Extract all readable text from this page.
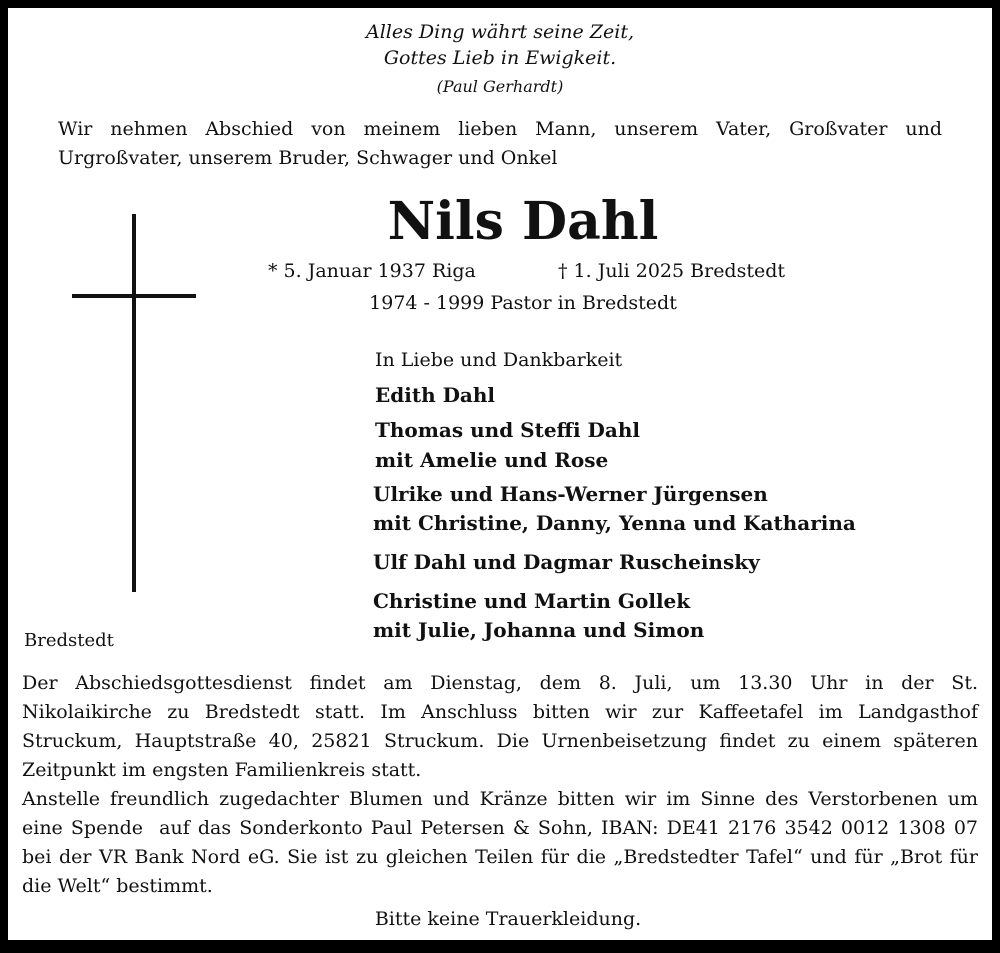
Alles Ding währt seine Zeit,
Gottes Lieb in Ewigkeit.
(Paul Gerhardt)
Wir nehmen Abschied von meinem lieben Mann, unserem Vater, Großvater und
Urgroßvater, unserem Bruder, Schwager und Onkel
Nils Dahl
* 5. Januar 1937 Riga	† 1. Juli 2025 Bredstedt
1974 - 1999 Pastor in Bredstedt
In Liebe und Dankbarkeit
Edith Dahl
Thomas und Steffi Dahl
mit Amelie und Rose
Ulrike und Hans-Werner Jürgensen
mit Christine, Danny, Yenna und Katharina
Ulf Dahl und Dagmar Ruscheinsky
Christine und Martin Gollek
mit Julie, Johanna und Simon
Bredstedt
Der Abschiedsgottesdienst findet am Dienstag, dem 8. Juli, um 13.30 Uhr in der St.
Nikolaikirche zu Bredstedt statt. Im Anschluss bitten wir zur Kaffeetafel im Landgasthof
Struckum, Hauptstraße 40, 25821 Struckum. Die Urnenbeisetzung findet zu einem späteren
Zeitpunkt im engsten Familienkreis statt.
Anstelle freundlich zugedachter Blumen und Kränze bitten wir im Sinne des Verstorbenen um
eine Spende  auf das Sonderkonto Paul Petersen & Sohn, IBAN: DE41 2176 3542 0012 1308 07
bei der VR Bank Nord eG. Sie ist zu gleichen Teilen für die „Bredstedter Tafel“ und für „Brot für
die Welt“ bestimmt.
Bitte keine Trauerkleidung.
